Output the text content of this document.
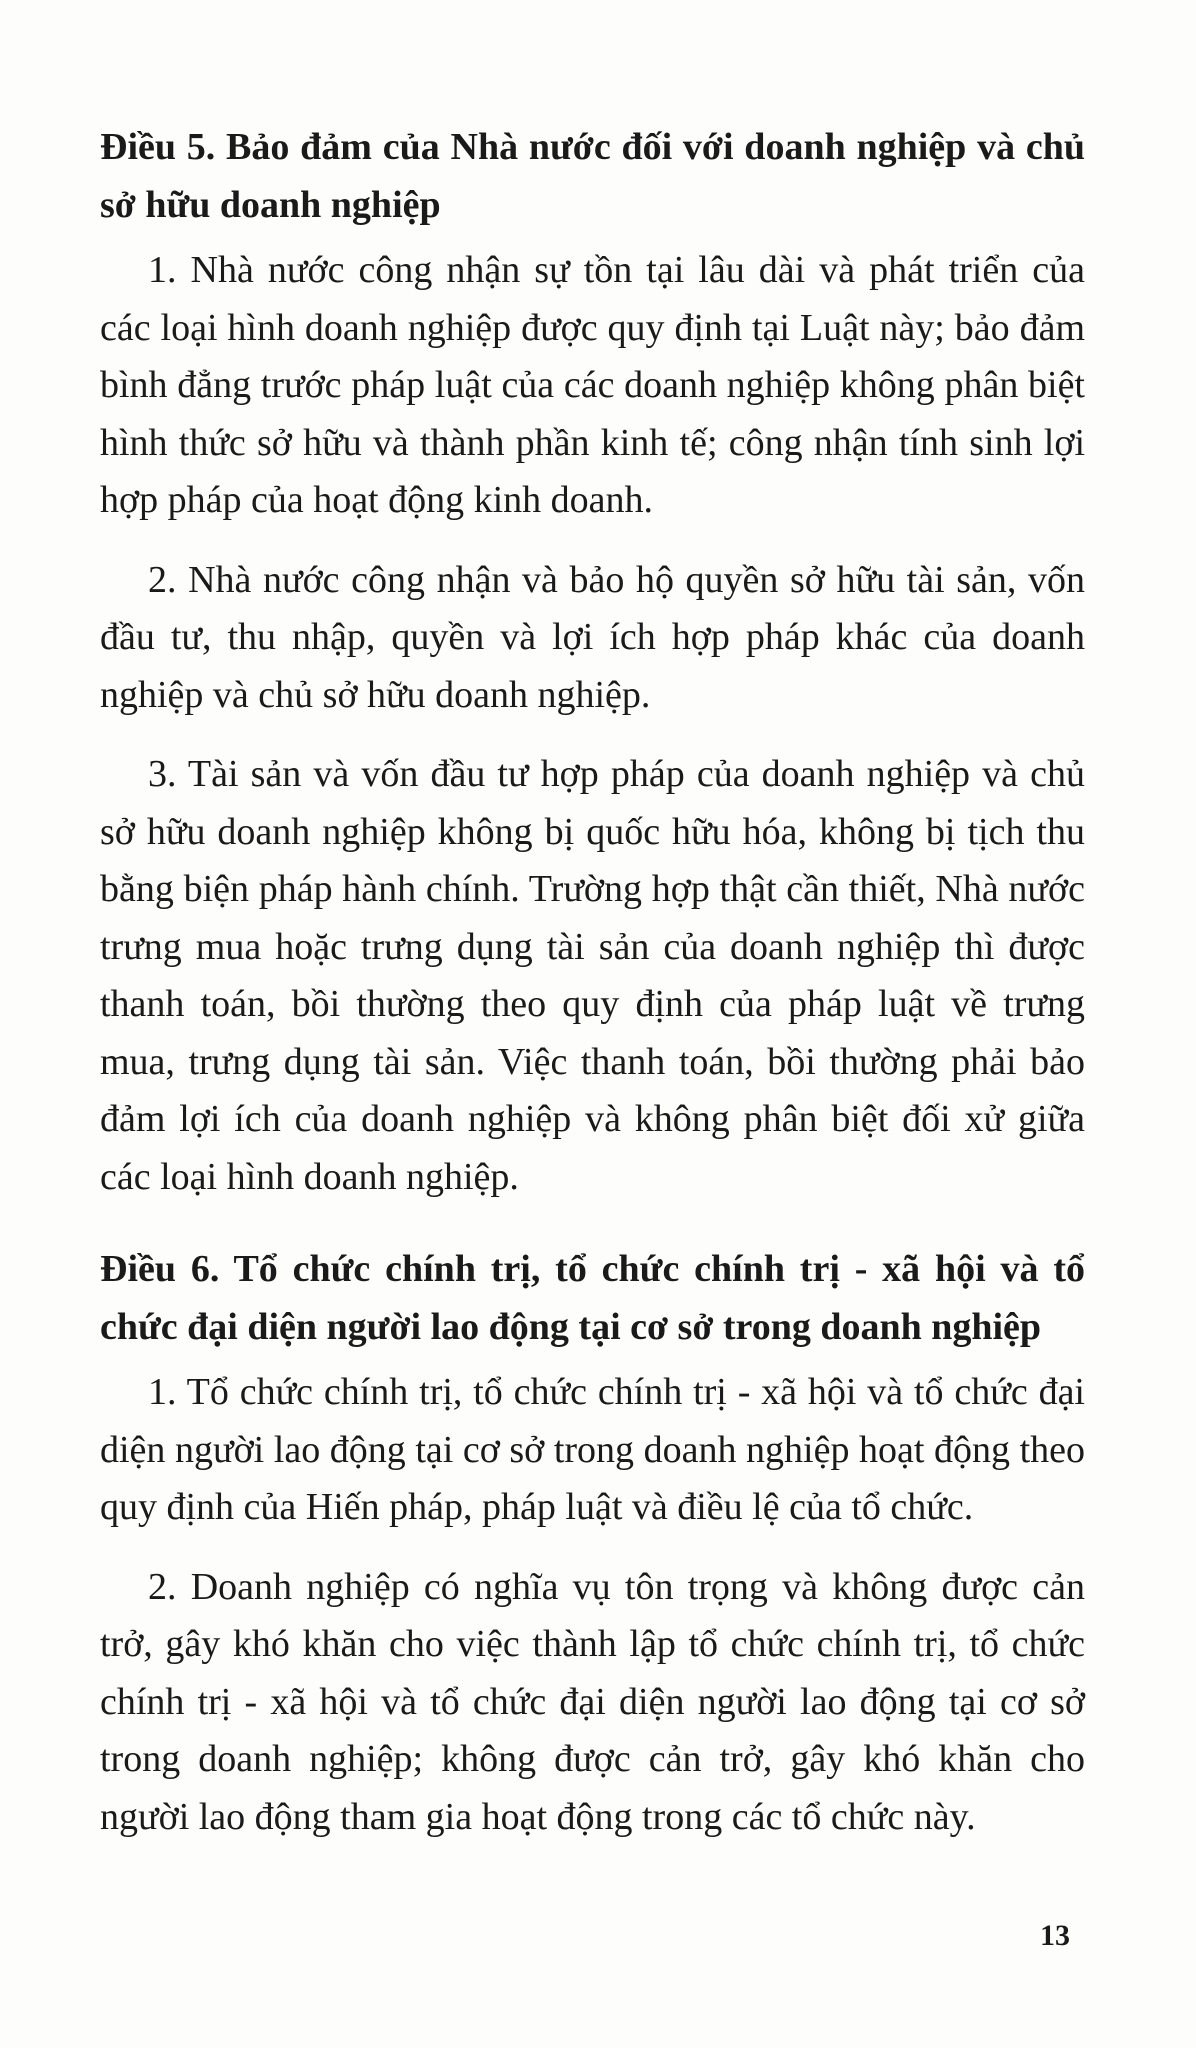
Điều 5. Bảo đảm của Nhà nước đối với doanh nghiệp và chủ sở hữu doanh nghiệp

1. Nhà nước công nhận sự tồn tại lâu dài và phát triển của các loại hình doanh nghiệp được quy định tại Luật này; bảo đảm bình đẳng trước pháp luật của các doanh nghiệp không phân biệt hình thức sở hữu và thành phần kinh tế; công nhận tính sinh lợi hợp pháp của hoạt động kinh doanh.

2. Nhà nước công nhận và bảo hộ quyền sở hữu tài sản, vốn đầu tư, thu nhập, quyền và lợi ích hợp pháp khác của doanh nghiệp và chủ sở hữu doanh nghiệp.

3. Tài sản và vốn đầu tư hợp pháp của doanh nghiệp và chủ sở hữu doanh nghiệp không bị quốc hữu hóa, không bị tịch thu bằng biện pháp hành chính. Trường hợp thật cần thiết, Nhà nước trưng mua hoặc trưng dụng tài sản của doanh nghiệp thì được thanh toán, bồi thường theo quy định của pháp luật về trưng mua, trưng dụng tài sản. Việc thanh toán, bồi thường phải bảo đảm lợi ích của doanh nghiệp và không phân biệt đối xử giữa các loại hình doanh nghiệp.

Điều 6. Tổ chức chính trị, tổ chức chính trị - xã hội và tổ chức đại diện người lao động tại cơ sở trong doanh nghiệp

1. Tổ chức chính trị, tổ chức chính trị - xã hội và tổ chức đại diện người lao động tại cơ sở trong doanh nghiệp hoạt động theo quy định của Hiến pháp, pháp luật và điều lệ của tổ chức.

2. Doanh nghiệp có nghĩa vụ tôn trọng và không được cản trở, gây khó khăn cho việc thành lập tổ chức chính trị, tổ chức chính trị - xã hội và tổ chức đại diện người lao động tại cơ sở trong doanh nghiệp; không được cản trở, gây khó khăn cho người lao động tham gia hoạt động trong các tổ chức này.

13
